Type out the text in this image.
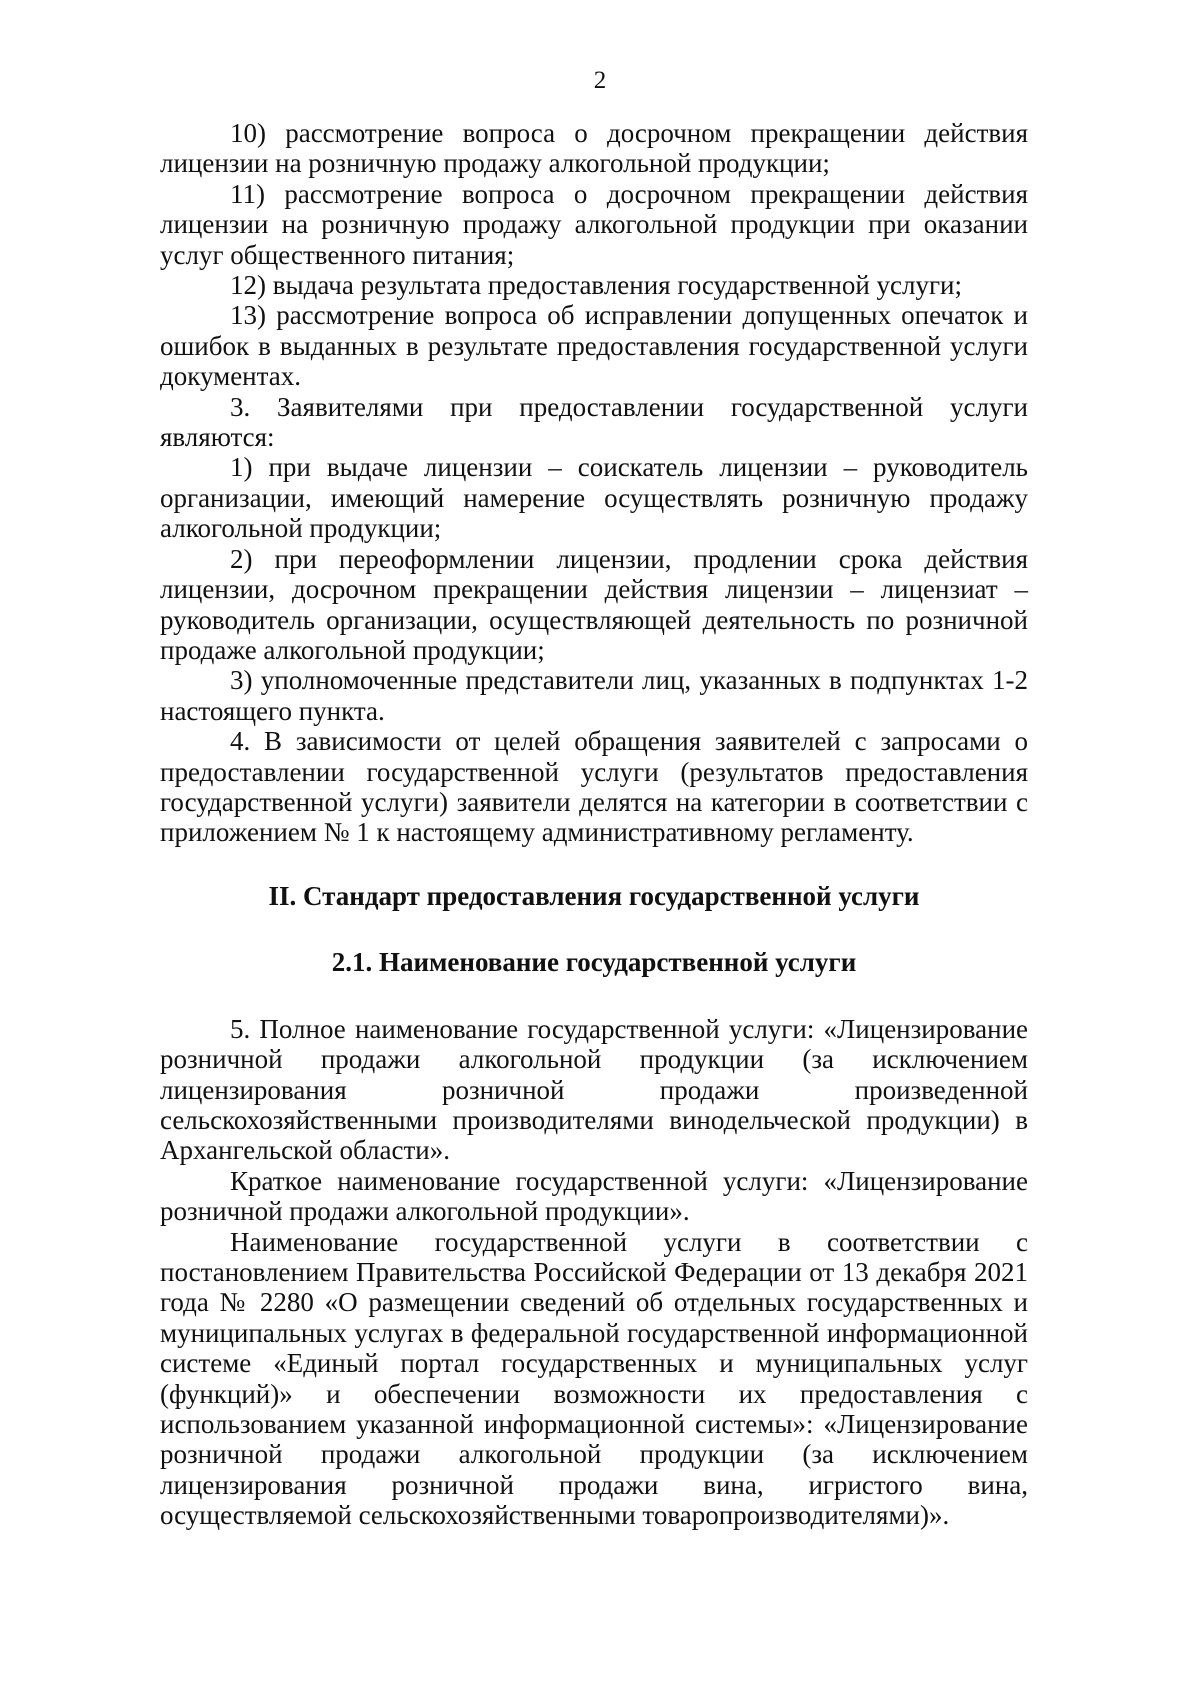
2

10) рассмотрение вопроса о досрочном прекращении действия лицензии на розничную продажу алкогольной продукции;

11) рассмотрение вопроса о досрочном прекращении действия лицензии на розничную продажу алкогольной продукции при оказании услуг общественного питания;

12) выдача результата предоставления государственной услуги;

13) рассмотрение вопроса об исправлении допущенных опечаток и ошибок в выданных в результате предоставления государственной услуги документах.

3. Заявителями при предоставлении государственной услуги являются:

1) при выдаче лицензии – соискатель лицензии – руководитель организации, имеющий намерение осуществлять розничную продажу алкогольной продукции;

2) при переоформлении лицензии, продлении срока действия лицензии, досрочном прекращении действия лицензии – лицензиат – руководитель организации, осуществляющей деятельность по розничной продаже алкогольной продукции;

3) уполномоченные представители лиц, указанных в подпунктах 1-2 настоящего пункта.

4. В зависимости от целей обращения заявителей с запросами о предоставлении государственной услуги (результатов предоставления государственной услуги) заявители делятся на категории в соответствии с приложением № 1 к настоящему административному регламенту.

II. Стандарт предоставления государственной услуги
2.1. Наименование государственной услуги

5. Полное наименование государственной услуги: «Лицензирование розничной продажи алкогольной продукции (за исключением лицензирования розничной продажи произведенной сельскохозяйственными производителями винодельческой продукции) в Архангельской области».

Краткое наименование государственной услуги: «Лицензирование розничной продажи алкогольной продукции».

Наименование государственной услуги в соответствии с постановлением Правительства Российской Федерации от 13 декабря 2021 года № 2280 «О размещении сведений об отдельных государственных и муниципальных услугах в федеральной государственной информационной системе «Единый портал государственных и муниципальных услуг (функций)» и обеспечении возможности их предоставления с использованием указанной информационной системы»: «Лицензирование розничной продажи алкогольной продукции (за исключением лицензирования розничной продажи вина, игристого вина, осуществляемой сельскохозяйственными товаропроизводителями)».
